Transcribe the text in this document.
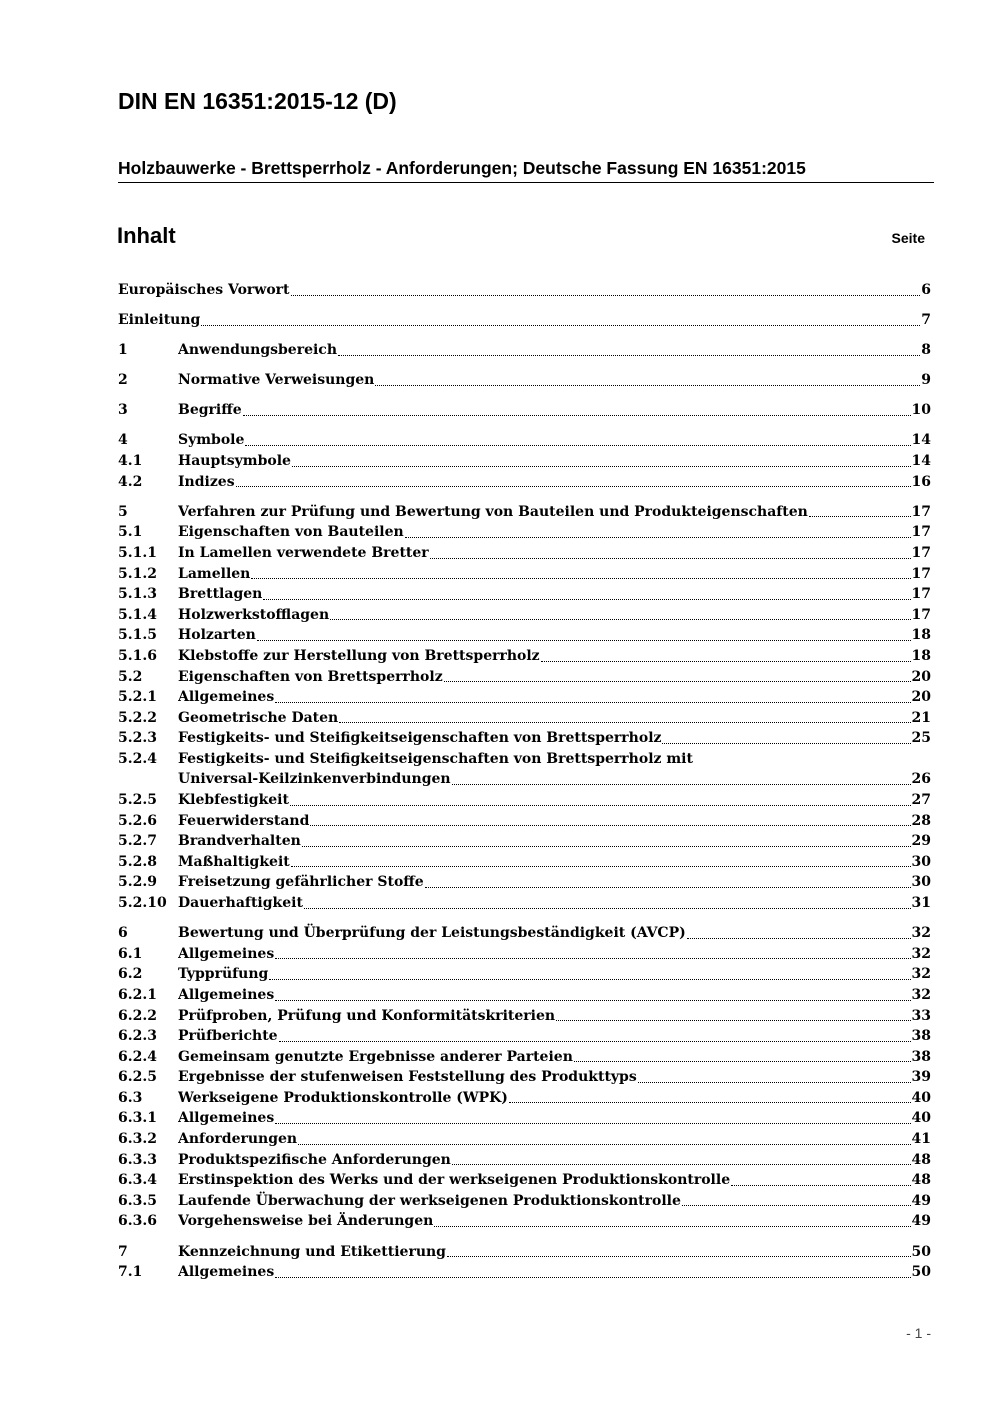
DIN EN 16351:2015-12 (D)
Holzbauwerke - Brettsperrholz - Anforderungen; Deutsche Fassung EN 16351:2015
Inhalt	Seite
Europäisches Vorwort	6
Einleitung	7
1	Anwendungsbereich	8
2	Normative Verweisungen	9
3	Begriffe	10
4	Symbole	14
4.1	Hauptsymbole	14
4.2	Indizes	16
5	Verfahren zur Prüfung und Bewertung von Bauteilen und Produkteigenschaften	17
5.1	Eigenschaften von Bauteilen	17
5.1.1	In Lamellen verwendete Bretter	17
5.1.2	Lamellen	17
5.1.3	Brettlagen	17
5.1.4	Holzwerkstofflagen	17
5.1.5	Holzarten	18
5.1.6	Klebstoffe zur Herstellung von Brettsperrholz	18
5.2	Eigenschaften von Brettsperrholz	20
5.2.1	Allgemeines	20
5.2.2	Geometrische Daten	21
5.2.3	Festigkeits- und Steifigkeitseigenschaften von Brettsperrholz	25
5.2.4	Festigkeits- und Steifigkeitseigenschaften von Brettsperrholz mit
Universal-Keilzinkenverbindungen	26
5.2.5	Klebfestigkeit	27
5.2.6	Feuerwiderstand	28
5.2.7	Brandverhalten	29
5.2.8	Maßhaltigkeit	30
5.2.9	Freisetzung gefährlicher Stoffe	30
5.2.10 Dauerhaftigkeit	31
6	Bewertung und Überprüfung der Leistungsbeständigkeit (AVCP)	32
6.1	Allgemeines	32
6.2	Typprüfung	32
6.2.1	Allgemeines	32
6.2.2	Prüfproben, Prüfung und Konformitätskriterien	33
6.2.3	Prüfberichte	38
6.2.4	Gemeinsam genutzte Ergebnisse anderer Parteien	38
6.2.5	Ergebnisse der stufenweisen Feststellung des Produkttyps	39
6.3	Werkseigene Produktionskontrolle (WPK)	40
6.3.1	Allgemeines	40
6.3.2	Anforderungen	41
6.3.3	Produktspezifische Anforderungen	48
6.3.4	Erstinspektion des Werks und der werkseigenen Produktionskontrolle	48
6.3.5	Laufende Überwachung der werkseigenen Produktionskontrolle	49
6.3.6	Vorgehensweise bei Änderungen	49
7	Kennzeichnung und Etikettierung	50
7.1	Allgemeines	50
- 1 -
